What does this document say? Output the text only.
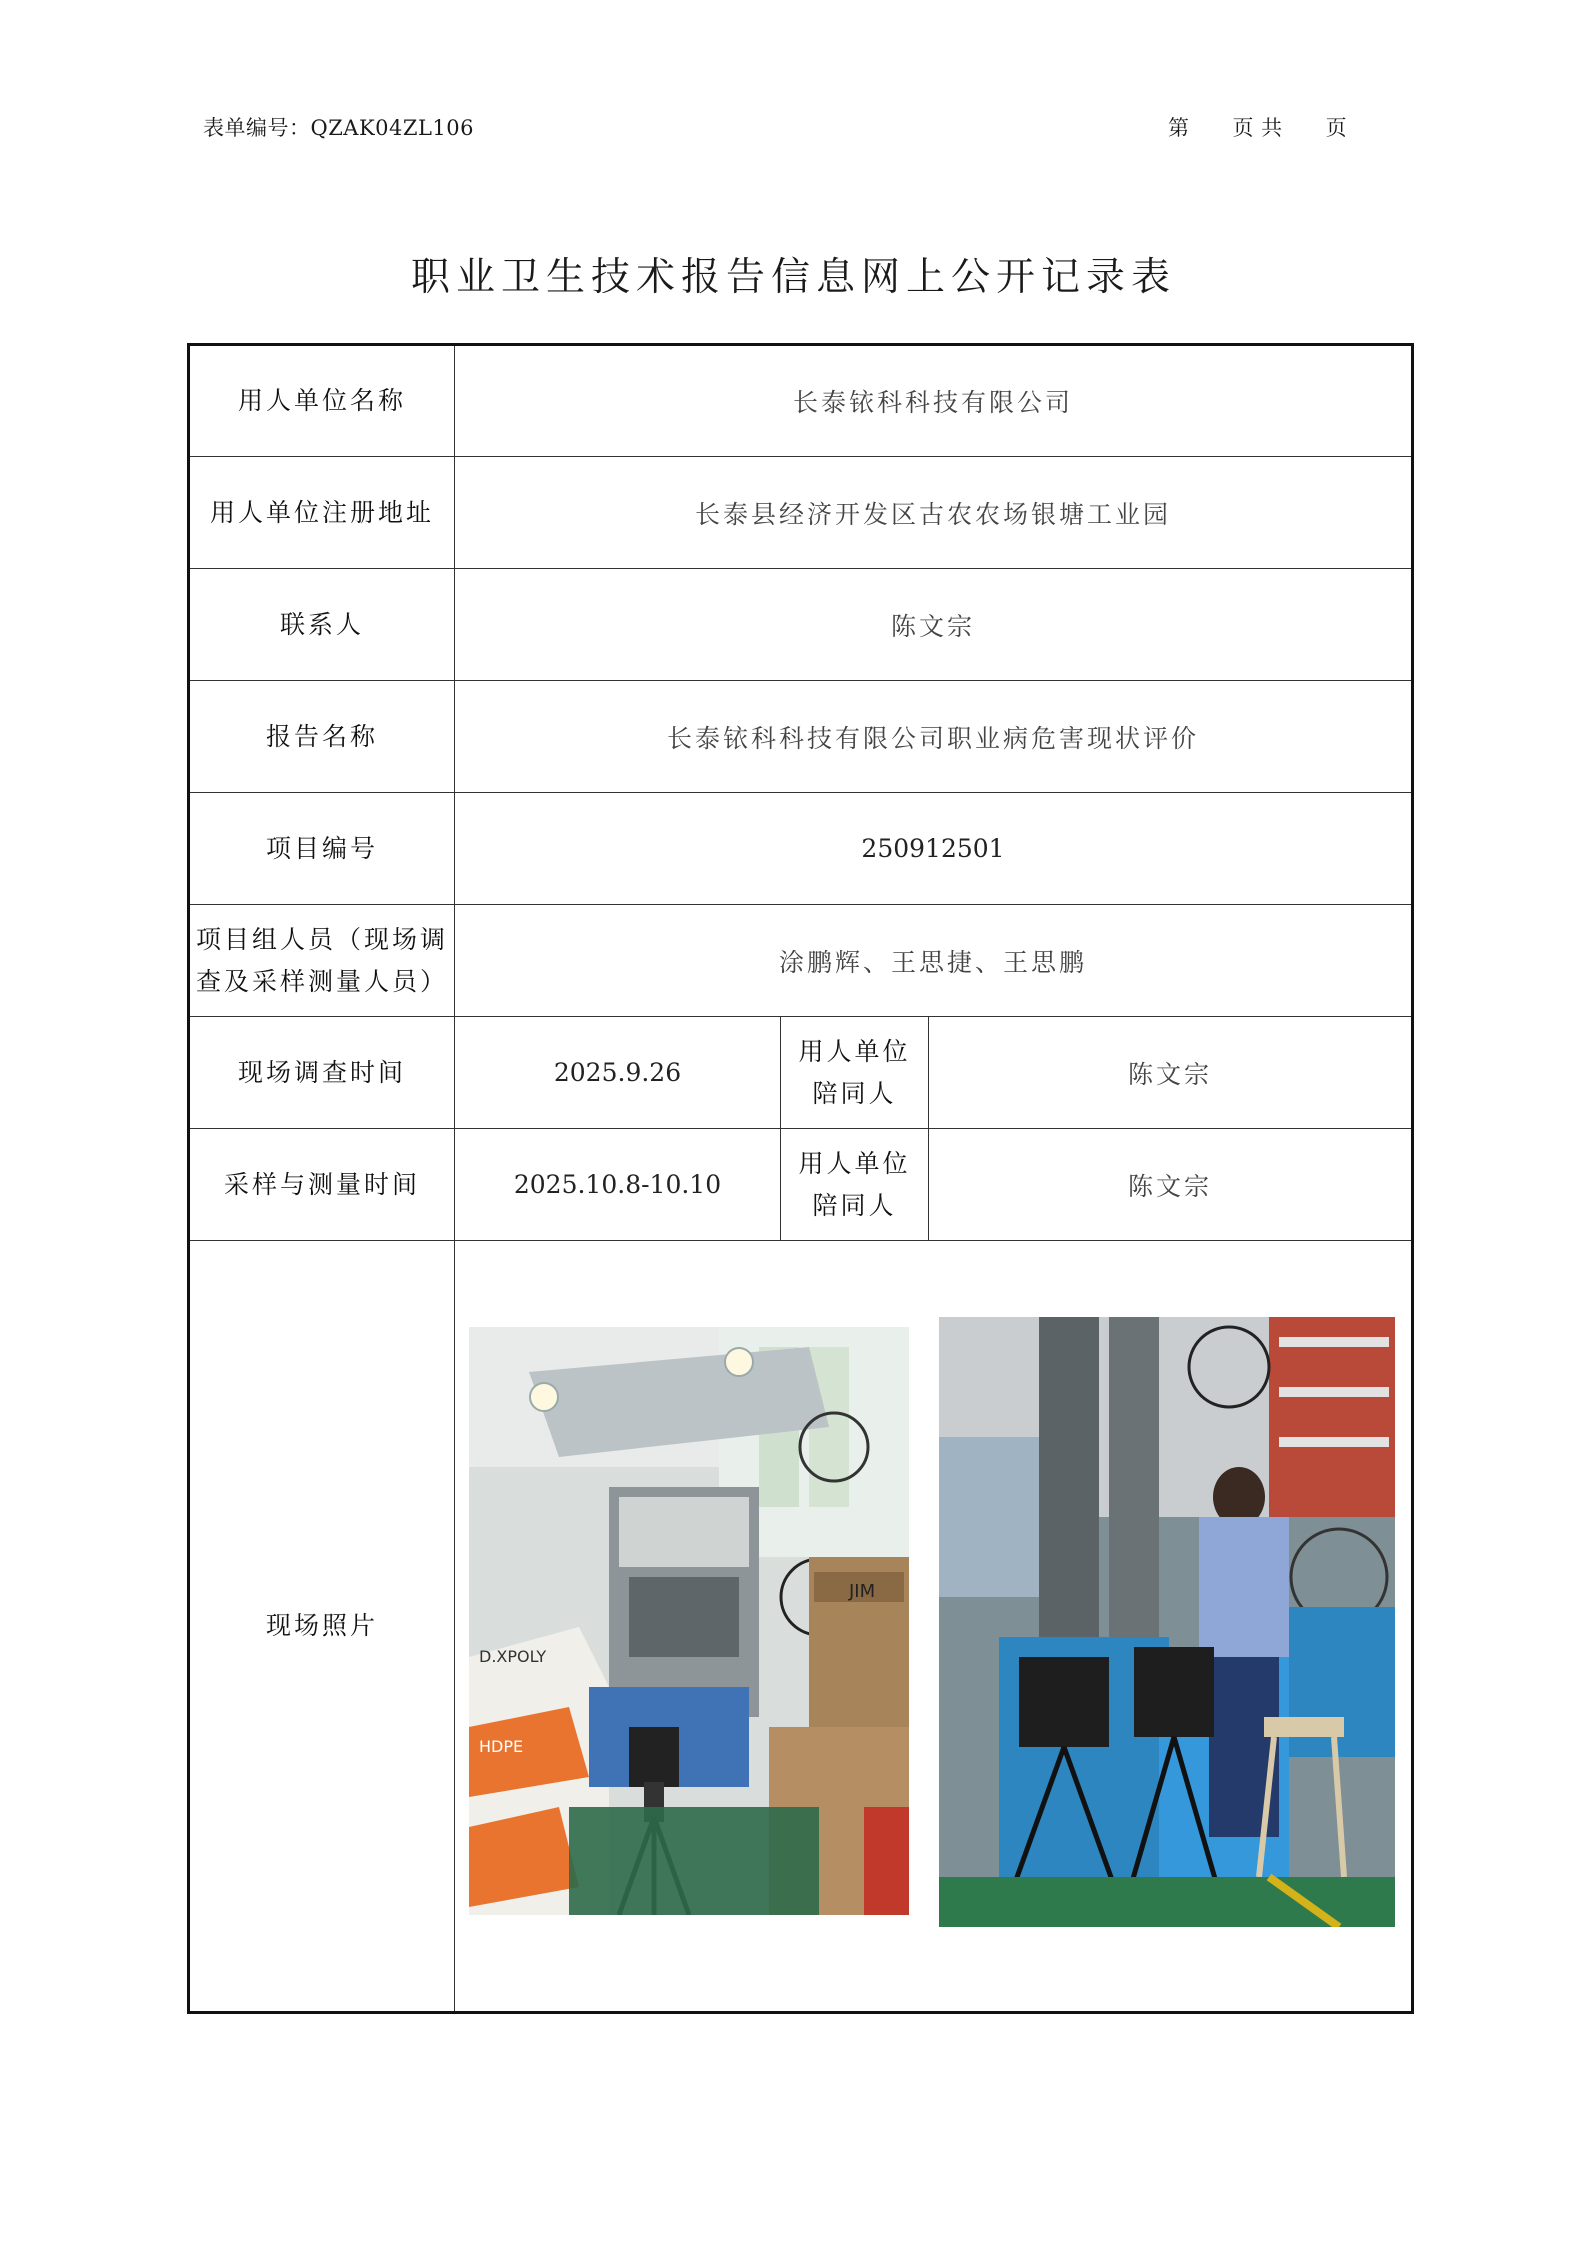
表单编号：QZAK04ZL106	第　　页 共　　页
职业卫生技术报告信息网上公开记录表
用人单位名称	长泰铱科科技有限公司		
用人单位注册地址	长泰县经济开发区古农农场银塘工业园		
联系人	陈文宗		
报告名称	长泰铱科科技有限公司职业病危害现状评价		
项目编号	250912501		
项目组人员（现场调查及采样测量人员）	涂鹏辉、王思捷、王思鹏		
现场调查时间	2025.9.26	用人单位陪同人	陈文宗
采样与测量时间	2025.10.8-10.10	用人单位陪同人	陈文宗
现场照片	D.XPOLY
HDPE
JIM		
